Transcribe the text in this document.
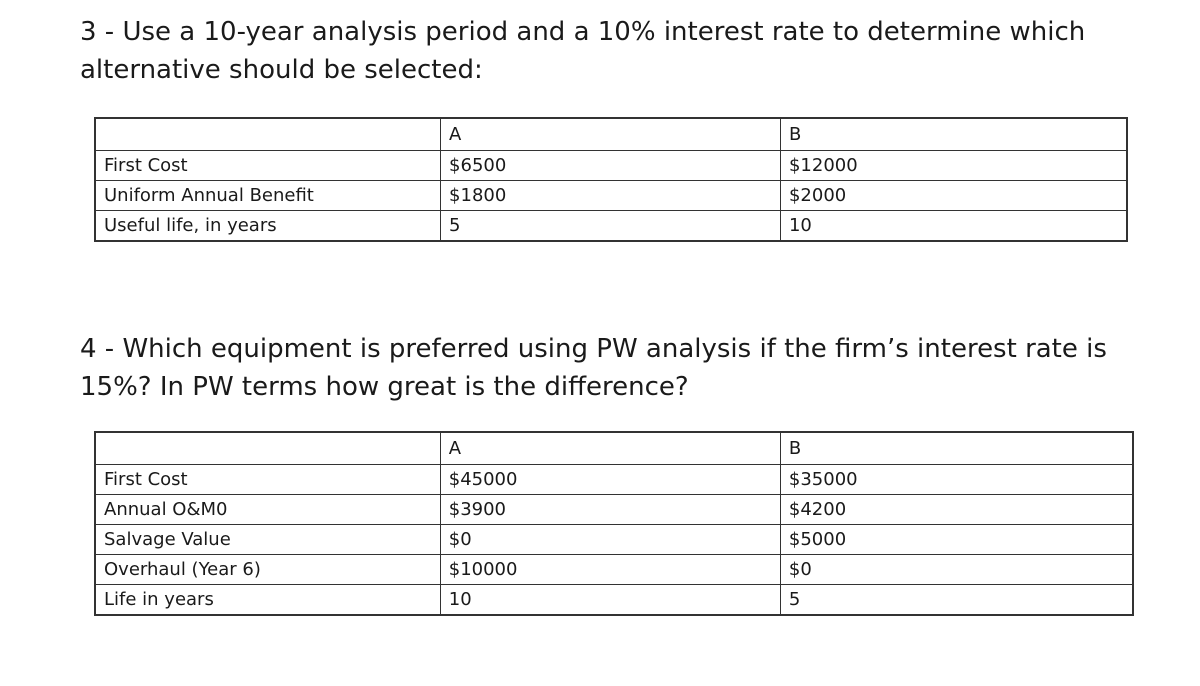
3 - Use a 10-year analysis period and a 10% interest rate to determine which
alternative should be selected:
	A	B
First Cost	$6500	$12000
Uniform Annual Benefit	$1800	$2000
Useful life, in years	5	10
4 - Which equipment is preferred using PW analysis if the firm’s interest rate is
15%? In PW terms how great is the difference?
	A	B
First Cost	$45000	$35000
Annual O&M0	$3900	$4200
Salvage Value	$0	$5000
Overhaul (Year 6)	$10000	$0
Life in years	10	5
